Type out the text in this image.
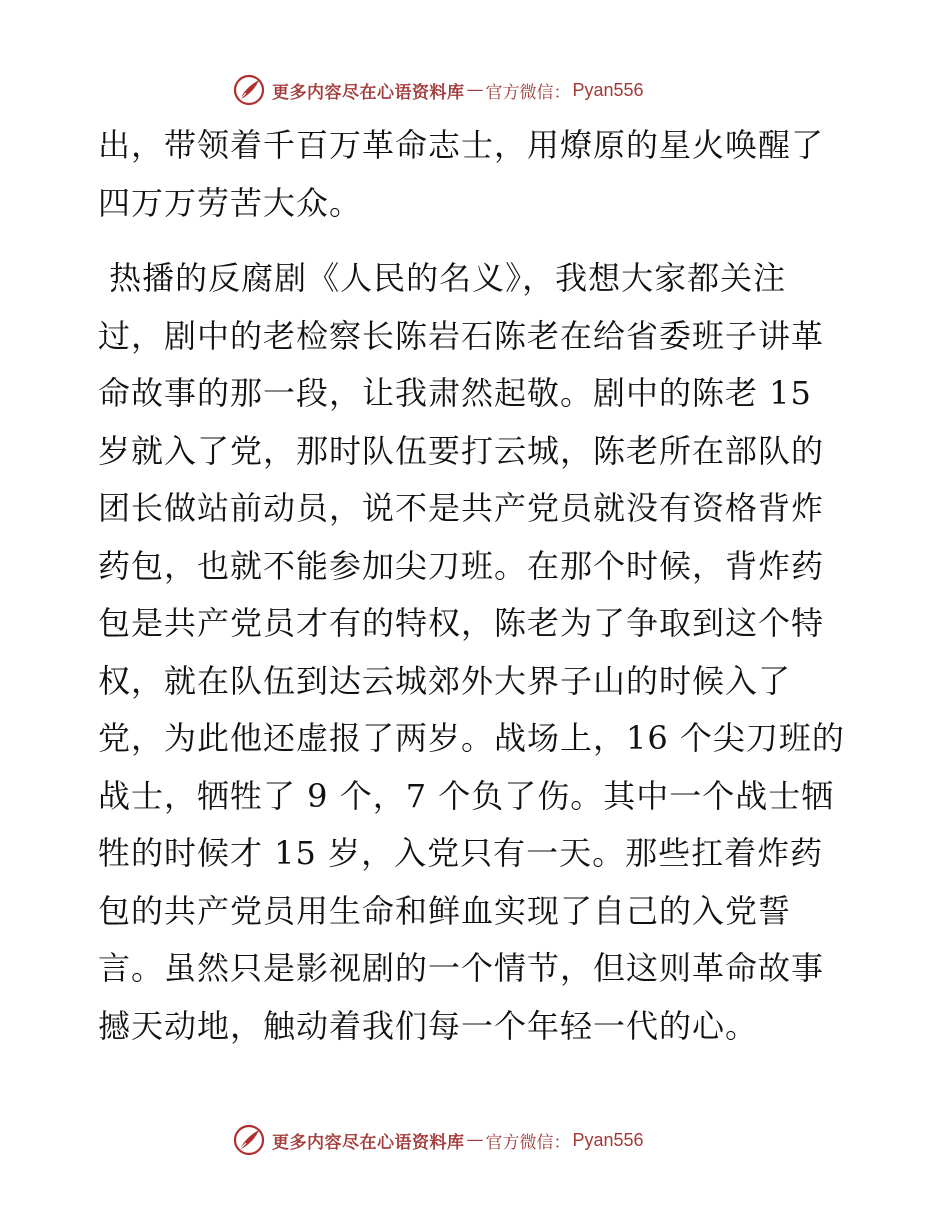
更多内容尽在心语资料库 — 官方微信： Pyan556
出，带领着千百万革命志士，用燎原的星火唤醒了
四万万劳苦大众。
热播的反腐剧《人民的名义》，我想大家都关注
过，剧中的老检察长陈岩石陈老在给省委班子讲革
命故事的那一段，让我肃然起敬。剧中的陈老 15
岁就入了党，那时队伍要打云城，陈老所在部队的
团长做站前动员，说不是共产党员就没有资格背炸
药包，也就不能参加尖刀班。在那个时候，背炸药
包是共产党员才有的特权，陈老为了争取到这个特
权，就在队伍到达云城郊外大界子山的时候入了
党，为此他还虚报了两岁。战场上，16 个尖刀班的
战士，牺牲了 9 个，7 个负了伤。其中一个战士牺
牲的时候才 15 岁，入党只有一天。那些扛着炸药
包的共产党员用生命和鲜血实现了自己的入党誓
言。虽然只是影视剧的一个情节，但这则革命故事
撼天动地，触动着我们每一个年轻一代的心。
更多内容尽在心语资料库 — 官方微信： Pyan556
